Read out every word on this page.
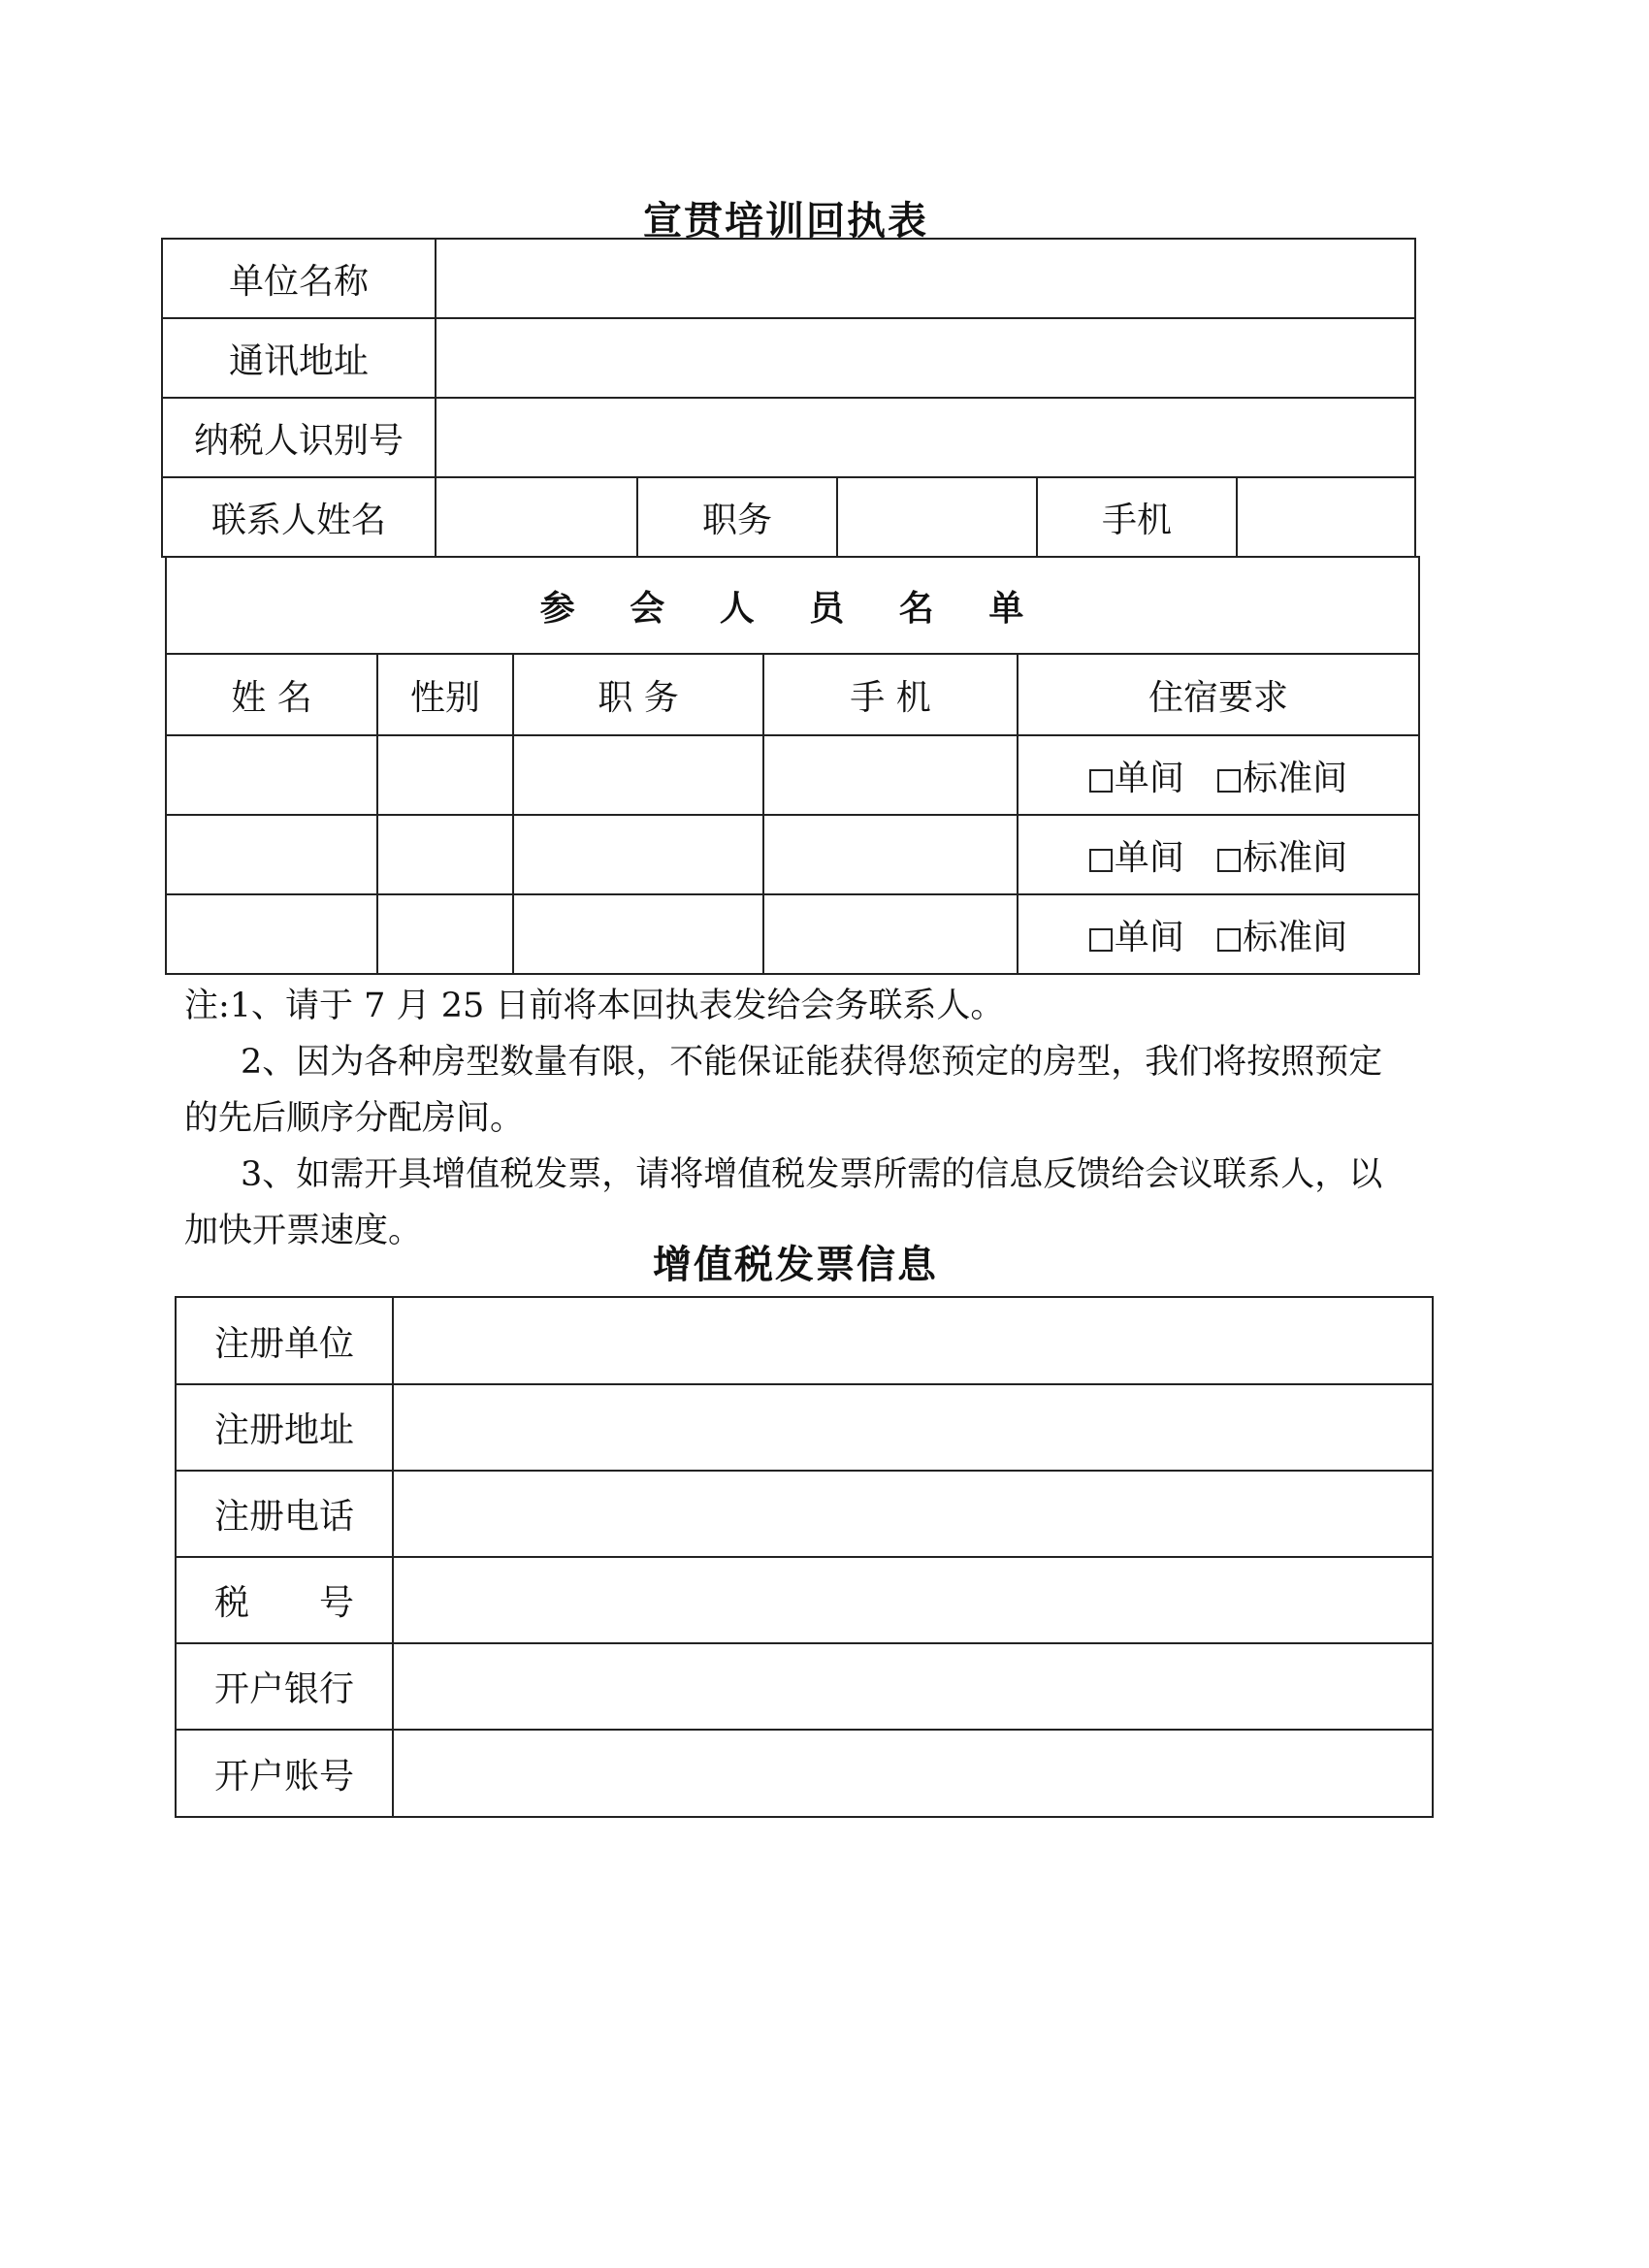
宣贯培训回执表
单位名称					
通讯地址					
纳税人识别号					
联系人姓名		职务		手机	
参 会 人 员 名 单				
姓 名	性别	职 务	手 机	住宿要求
				单间 标准间
				单间 标准间
				单间 标准间

注:1、请于 7 月 25 日前将本回执表发给会务联系人。

2、因为各种房型数量有限，不能保证能获得您预定的房型，我们将按照预定的先后顺序分配房间。

3、如需开具增值税发票，请将增值税发票所需的信息反馈给会议联系人，以加快开票速度。

增值税发票信息
注册单位	
注册地址	
注册电话	
税　　号	
开户银行	
开户账号	
